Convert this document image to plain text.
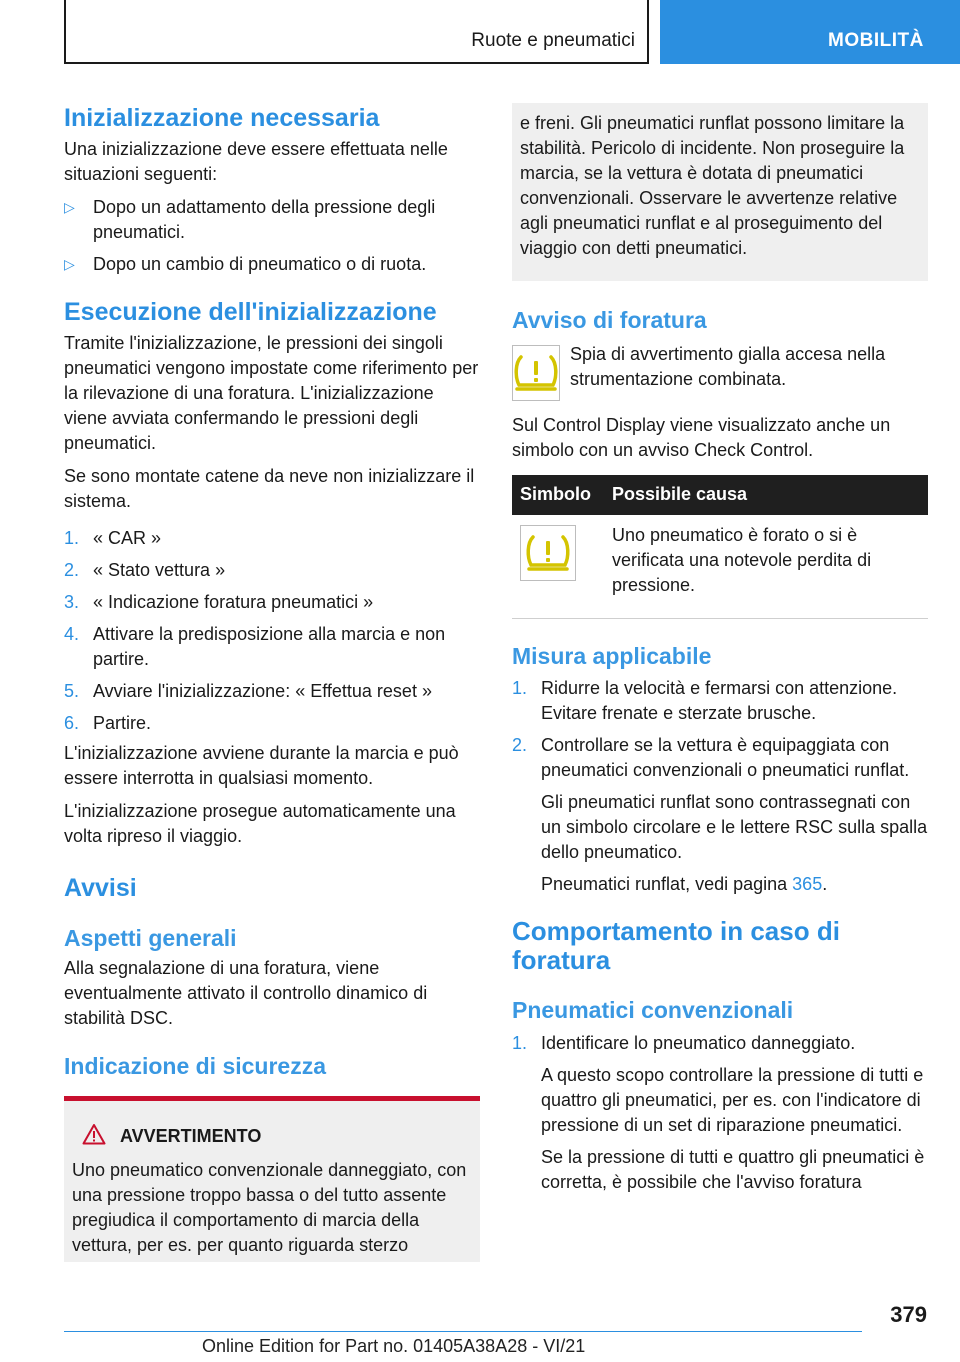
Ruote e pneumatici	MOBILITÀ
Inizializzazione necessaria
Una inizializzazione deve essere effettuata nelle situazioni seguenti:
▷ Dopo un adattamento della pressione degli pneumatici.
▷ Dopo un cambio di pneumatico o di ruota.
Esecuzione dell'inizializzazione
Tramite l'inizializzazione, le pressioni dei singoli pneumatici vengono impostate come riferimento per la rilevazione di una foratura. L'inizializzazione viene avviata confermando le pressioni degli pneumatici.
Se sono montate catene da neve non inizializzare il sistema.
1. « CAR »
2. « Stato vettura »
3. « Indicazione foratura pneumatici »
4. Attivare la predisposizione alla marcia e non partire.
5. Avviare l'inizializzazione: « Effettua reset »
6. Partire.
L'inizializzazione avviene durante la marcia e può essere interrotta in qualsiasi momento.
L'inizializzazione prosegue automaticamente una volta ripreso il viaggio.
Avvisi
Aspetti generali
Alla segnalazione di una foratura, viene eventualmente attivato il controllo dinamico di stabilità DSC.
Indicazione di sicurezza
AVVERTIMENTO
Uno pneumatico convenzionale danneggiato, con una pressione troppo bassa o del tutto assente pregiudica il comportamento di marcia della vettura, per es. per quanto riguarda sterzo
e freni. Gli pneumatici runflat possono limitare la stabilità. Pericolo di incidente. Non proseguire la marcia, se la vettura è dotata di pneumatici convenzionali. Osservare le avvertenze relative agli pneumatici runflat e al proseguimento del viaggio con detti pneumatici.
Avviso di foratura
Spia di avvertimento gialla accesa nella strumentazione combinata.
Sul Control Display viene visualizzato anche un simbolo con un avviso Check Control.
Simbolo	Possibile causa

	Uno pneumatico è forato o si è verificata una notevole perdita di pressione.
Misura applicabile
1. Ridurre la velocità e fermarsi con attenzione. Evitare frenate e sterzate brusche.
2. Controllare se la vettura è equipaggiata con pneumatici convenzionali o pneumatici runflat.
Gli pneumatici runflat sono contrassegnati con un simbolo circolare e le lettere RSC sulla spalla dello pneumatico.
Pneumatici runflat, vedi pagina 365.
Comportamento in caso di foratura
Pneumatici convenzionali
1. Identificare lo pneumatico danneggiato.
A questo scopo controllare la pressione di tutti e quattro gli pneumatici, per es. con l'indicatore di pressione di un set di riparazione pneumatici.
Se la pressione di tutti e quattro gli pneumatici è corretta, è possibile che l'avviso foratura
379
Online Edition for Part no. 01405A38A28 - VI/21
